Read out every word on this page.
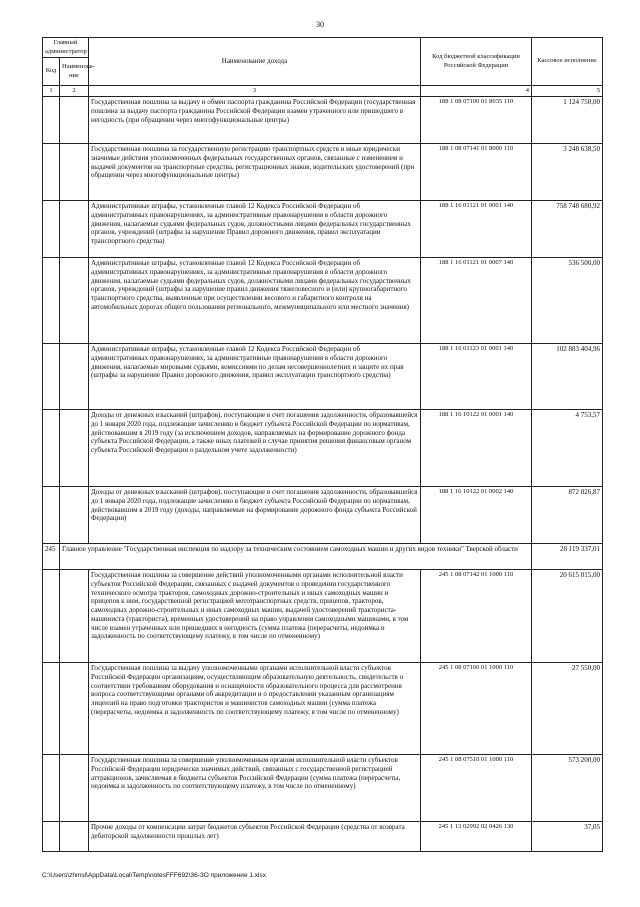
30
Главный администратор		Наименование дохода	Код бюджетной классификации Российской Федерации	Кассовое исполнение
Код	Наименова-ние			
1	2	3	4	5
		Государственная пошлина за выдачу и обмен паспорта гражданина Российской Федерации (государственная пошлина за выдачу паспорта гражданина Российской Федерации взамен утраченного или пришедшего в негодность (при обращении через многофункциональные центры)	188 1 08 07100 01 8035 110	1 124 750,00
		Государственная пошлина за государственную регистрацию транспортных средств и иные юридически значимые действия уполномоченных федеральных государственных органов, связанные с изменением и выдачей документов на транспортные средства, регистрационных знаков, водительских удостоверений (при обращении через многофункциональные центры)	188 1 08 07141 01 8000 110	3 248 638,50
		Административные штрафы, установленные главой 12 Кодекса Российской Федерации об административных правонарушениях, за административные правонарушения в области дорожного движения, налагаемые судьями федеральных судов, должностными лицами федеральных государственных органов, учреждений (штрафы за нарушение Правил дорожного движения, правил эксплуатации транспортного средства)	188 1 16 01121 01 0001 140	758 748 680,92
		Административные штрафы, установленные главой 12 Кодекса Российской Федерации об административных правонарушениях, за административные правонарушения в области дорожного движения, налагаемые судьями федеральных судов, должностными лицами федеральных государственных органов, учреждений (штрафы за нарушение правил движения тяжеловесного и (или) крупногабаритного транспортного средства, выявленные при осуществлении весового и габаритного контроля на автомобильных дорогах общего пользования регионального, межмуниципального или местного значения)	188 1 16 01121 01 0007 140	536 500,00
		Административные штрафы, установленные главой 12 Кодекса Российской Федерации об административных правонарушениях, за административные правонарушения в области дорожного движения, налагаемые мировыми судьями, комиссиями по делам несовершеннолетних и защите их прав (штрафы за нарушение Правил дорожного движения, правил эксплуатации транспортного средства)	188 1 16 01123 01 0001 140	102 883 404,96
		Доходы от денежных взысканий (штрафов), поступающие в счет погашения задолженности, образовавшейся до 1 января 2020 года, подлежащие зачислению в бюджет субъекта Российской Федерации по нормативам, действовавшим в 2019 году (за исключением доходов, направляемых на формирование дорожного фонда субъекта Российской Федерации, а также иных платежей в случае принятия решения финансовым органом субъекта Российской Федерации о раздельном учете задолженности)	188 1 16 10122 01 0001 140	4 753,57
		Доходы от денежных взысканий (штрафов), поступающие в счет погашения задолженности, образовавшейся до 1 января 2020 года, подлежащие зачислению в бюджет субъекта Российской Федерации по нормативам, действовавшим в 2019 году (доходы, направляемые на формирование дорожного фонда субъекта Российской Федерации)	188 1 16 10122 01 0002 140	872 826,87
245	Главное управление "Государственная инспекция по надзору за техническим состоянием самоходных машин и других видов техники" Тверской области			28 119 337,01
		Государственная пошлина за совершение действий уполномоченными органами исполнительной власти субъектов Российской Федерации, связанных с выдачей документов о проведении государственного технического осмотра тракторов, самоходных дорожно-строительных и иных самоходных машин и прицепов к ним, государственной регистрацией мототранспортных средств, прицепов, тракторов, самоходных дорожно-строительных и иных самоходных машин, выдачей удостоверений тракториста-машиниста (тракториста), временных удостоверений на право управления самоходными машинами, в том числе взамен утраченных или пришедших в негодность (сумма платежа (перерасчеты, недоимка и задолженность по соответствующему платежу, в том числе по отмененному)	245 1 08 07142 01 1000 110	20 615 815,00
		Государственная пошлина за выдачу уполномоченными органами исполнительной власти субъектов Российской Федерации организациям, осуществляющим образовательную деятельность, свидетельств о соответствии требованиям оборудования и оснащенности образовательного процесса для рассмотрения вопроса соответствующими органами об аккредитации и о предоставлении указанным организациям лицензий на право подготовки трактористов и машинистов самоходных машин (сумма платежа (перерасчеты, недоимка и задолженность по соответствующему платежу, в том числе по отмененному)	245 1 08 07160 01 1000 110	27 550,00
		Государственная пошлина за совершение уполномоченным органом исполнительной власти субъектов Российской Федерации юридически значимых действий, связанных с государственной регистрацией аттракционов, зачисляемая в бюджеты субъектов Российской Федерации (сумма платежа (перерасчеты, недоимка и задолженность по соответствующему платежу, в том числе по отмененному)	245 1 08 07510 01 1000 110	573 200,00
		Прочие доходы от компенсации затрат бюджетов субъектов Российской Федерации (средства от возврата дебиторской задолженности прошлых лет)	245 1 13 02992 02 0426 130	37,05
C:\Users\zhmsl\AppData\Local\Temp\notesFFF692\36-ЗО приложение 1.xlsx
